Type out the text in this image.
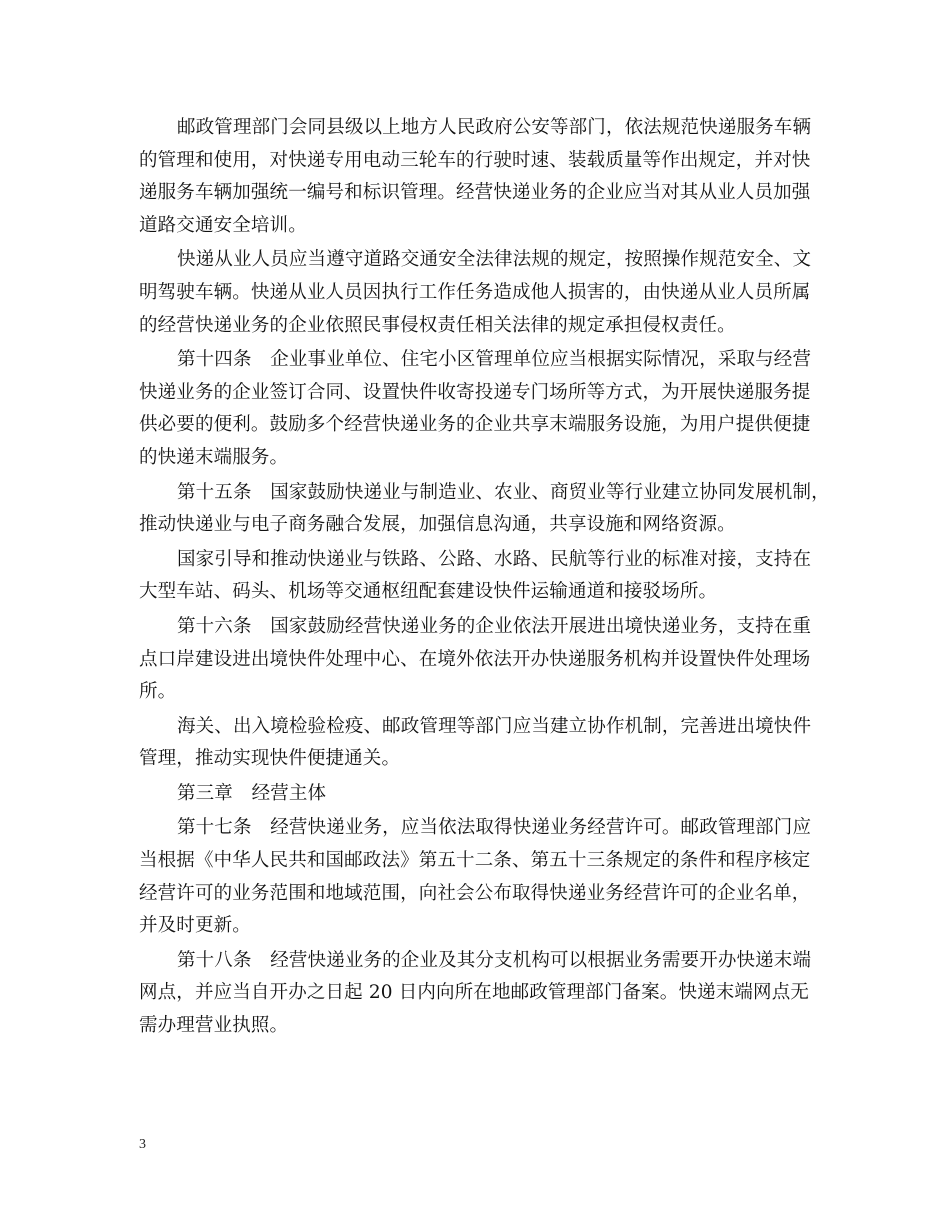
邮政管理部门会同县级以上地方人民政府公安等部门，依法规范快递服务车辆
的管理和使用，对快递专用电动三轮车的行驶时速、装载质量等作出规定，并对快
递服务车辆加强统一编号和标识管理。经营快递业务的企业应当对其从业人员加强
道路交通安全培训。

快递从业人员应当遵守道路交通安全法律法规的规定，按照操作规范安全、文
明驾驶车辆。快递从业人员因执行工作任务造成他人损害的，由快递从业人员所属
的经营快递业务的企业依照民事侵权责任相关法律的规定承担侵权责任。

第十四条　企业事业单位、住宅小区管理单位应当根据实际情况，采取与经营
快递业务的企业签订合同、设置快件收寄投递专门场所等方式，为开展快递服务提
供必要的便利。鼓励多个经营快递业务的企业共享末端服务设施，为用户提供便捷
的快递末端服务。

第十五条　国家鼓励快递业与制造业、农业、商贸业等行业建立协同发展机制，
推动快递业与电子商务融合发展，加强信息沟通，共享设施和网络资源。

国家引导和推动快递业与铁路、公路、水路、民航等行业的标准对接，支持在
大型车站、码头、机场等交通枢纽配套建设快件运输通道和接驳场所。

第十六条　国家鼓励经营快递业务的企业依法开展进出境快递业务，支持在重
点口岸建设进出境快件处理中心、在境外依法开办快递服务机构并设置快件处理场
所。

海关、出入境检验检疫、邮政管理等部门应当建立协作机制，完善进出境快件
管理，推动实现快件便捷通关。

第三章　经营主体

第十七条　经营快递业务，应当依法取得快递业务经营许可。邮政管理部门应
当根据《中华人民共和国邮政法》第五十二条、第五十三条规定的条件和程序核定
经营许可的业务范围和地域范围，向社会公布取得快递业务经营许可的企业名单，
并及时更新。

第十八条　经营快递业务的企业及其分支机构可以根据业务需要开办快递末端
网点，并应当自开办之日起 20 日内向所在地邮政管理部门备案。快递末端网点无
需办理营业执照。

3
